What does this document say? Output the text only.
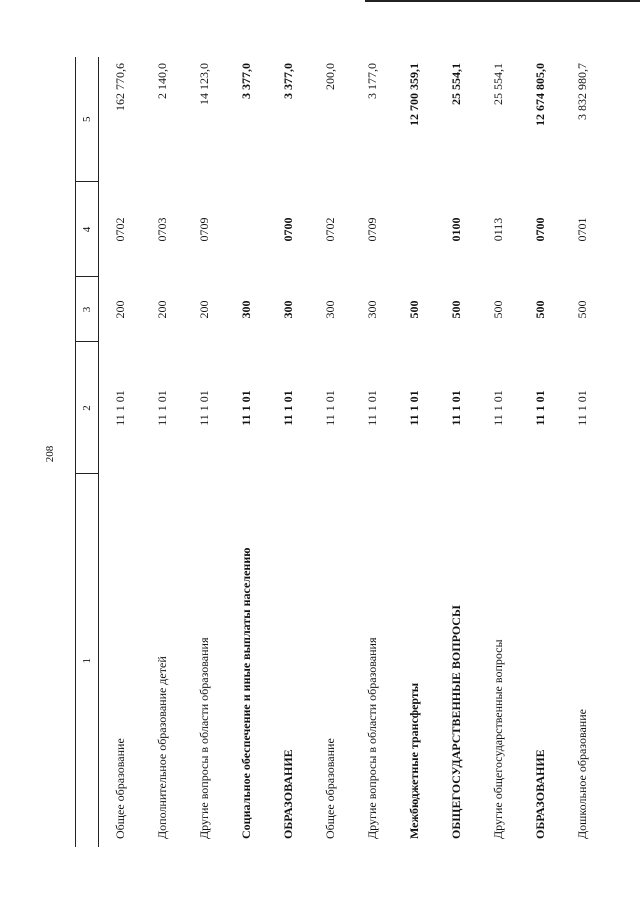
208
1	2	3	4	5
Общее образование	11 1 01	200	0702	162 770,6
Дополнительное образование детей	11 1 01	200	0703	2 140,0
Другие вопросы в области образования	11 1 01	200	0709	14 123,0
Социальное обеспечение и иные выплаты населению	11 1 01	300		3 377,0
ОБРАЗОВАНИЕ	11 1 01	300	0700	3 377,0
Общее образование	11 1 01	300	0702	200,0
Другие вопросы в области образования	11 1 01	300	0709	3 177,0
Межбюджетные трансферты	11 1 01	500		12 700 359,1
ОБЩЕГОСУДАРСТВЕННЫЕ ВОПРОСЫ	11 1 01	500	0100	25 554,1
Другие общегосударственные вопросы	11 1 01	500	0113	25 554,1
ОБРАЗОВАНИЕ	11 1 01	500	0700	12 674 805,0
Дошкольное образование	11 1 01	500	0701	3 832 980,7
